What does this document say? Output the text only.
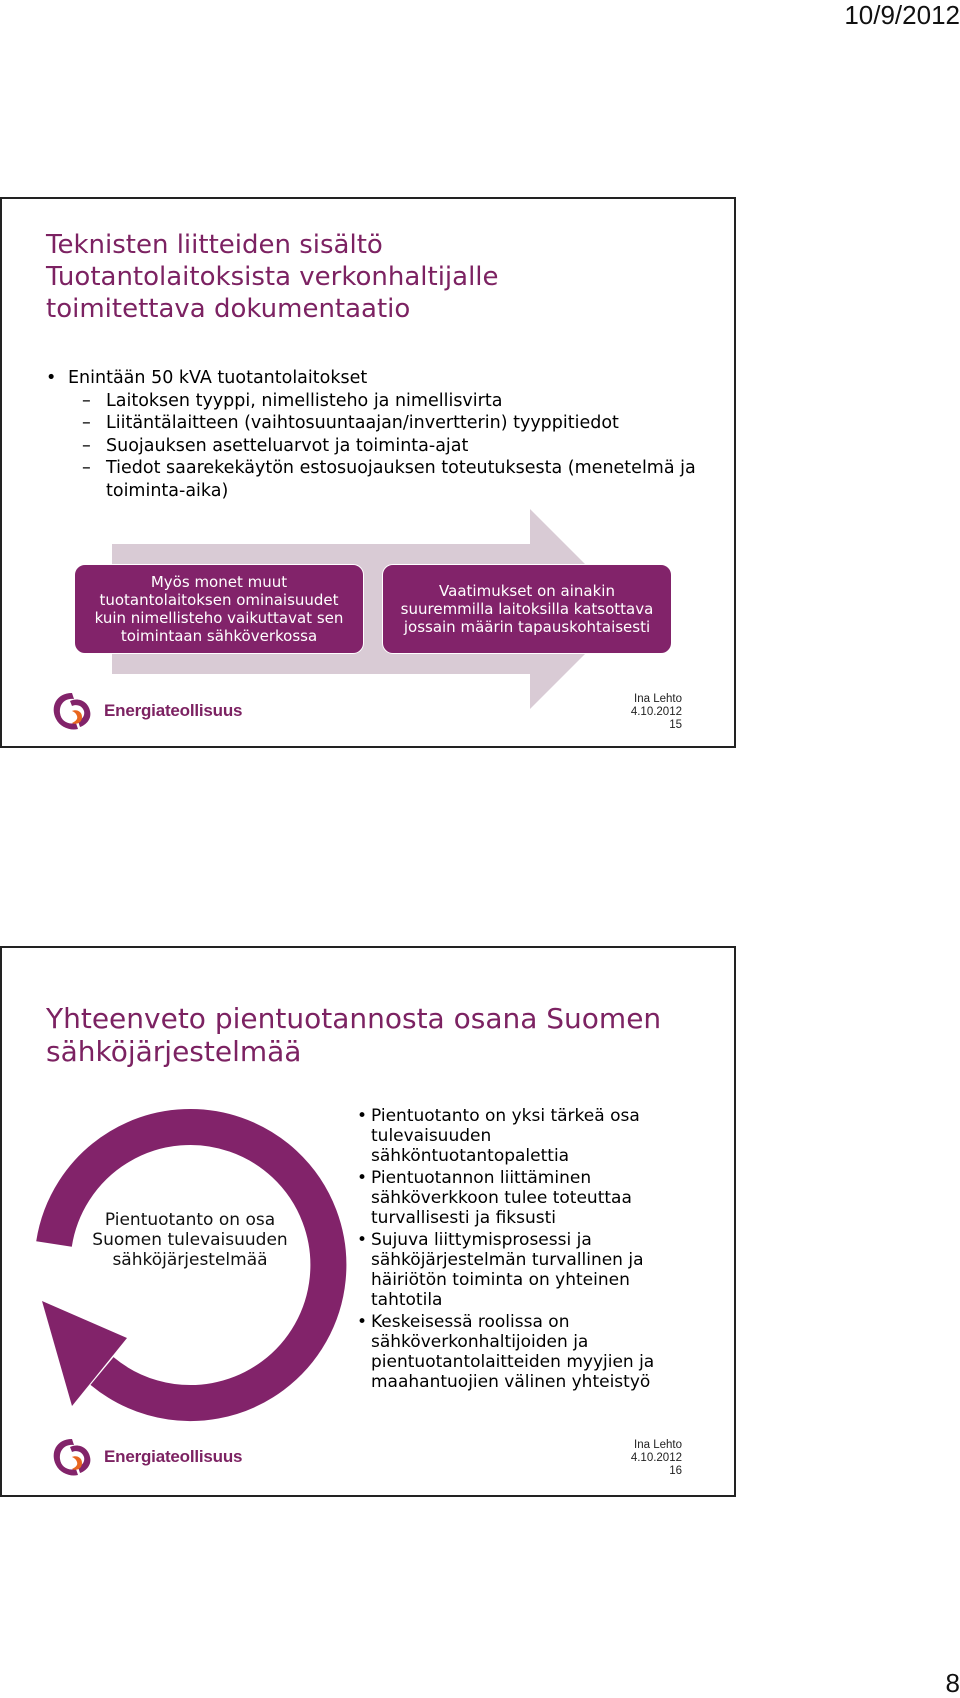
10/9/2012
Teknisten liitteiden sisältö
Tuotantolaitoksista verkonhaltijalle
toimitettava dokumentaatio
• Enintään 50 kVA tuotantolaitokset
– Laitoksen tyyppi, nimellisteho ja nimellisvirta
– Liitäntälaitteen (vaihtosuuntaajan/invertterin) tyyppitiedot
– Suojauksen asetteluarvot ja toiminta-ajat
– Tiedot saarekekäytön estosuojauksen toteutuksesta (menetelmä ja toiminta-aika)
Myös monet muut tuotantolaitoksen ominaisuudet kuin nimellisteho vaikuttavat sen toimintaan sähköverkossa
Vaatimukset on ainakin suuremmilla laitoksilla katsottava jossain määrin tapauskohtaisesti
Energiateollisuus
Ina Lehto
4.10.2012
15
Yhteenveto pientuotannosta osana Suomen
sähköjärjestelmää
Pientuotanto on osa Suomen tulevaisuuden sähköjärjestelmää
• Pientuotanto on yksi tärkeä osa tulevaisuuden sähköntuotantopalettia
• Pientuotannon liittäminen sähköverkkoon tulee toteuttaa turvallisesti ja fiksusti
• Sujuva liittymisprosessi ja sähköjärjestelmän turvallinen ja häiriötön toiminta on yhteinen tahtotila
• Keskeisessä roolissa on sähköverkonhaltijoiden ja pientuotantolaitteiden myyjien ja maahantuojien välinen yhteistyö
Energiateollisuus
Ina Lehto
4.10.2012
16
8
